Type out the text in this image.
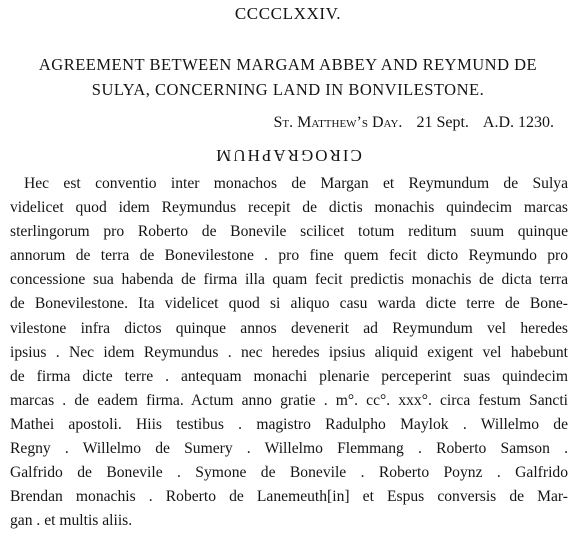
CCCCLXXIV.
AGREEMENT BETWEEN MARGAM ABBEY AND REYMUND DE
SULYA, CONCERNING LAND IN BONVILESTONE.
St. Matthew’s Day. 21 Sept. A.D. 1230.
CIROGRAPHUM
Hec est conventio inter monachos de Margan et Reymundum de Sulya
videlicet quod idem Reymundus recepit de dictis monachis quindecim marcas
sterlingorum pro Roberto de Bonevile scilicet totum reditum suum quinque
annorum de terra de Bonevilestone . pro fine quem fecit dicto Reymundo pro
concessione sua habenda de firma illa quam fecit predictis monachis de dicta terra
de Bonevilestone. Ita videlicet quod si aliquo casu warda dicte terre de Bone-
vilestone infra dictos quinque annos devenerit ad Reymundum vel heredes
ipsius . Nec idem Reymundus . nec heredes ipsius aliquid exigent vel habebunt
de firma dicte terre . antequam monachi plenarie perceperint suas quindecim
marcas . de eadem firma. Actum anno gratie . m°. cc°. xxx°. circa festum Sancti
Mathei apostoli. Hiis testibus . magistro Radulpho Maylok . Willelmo de
Regny . Willelmo de Sumery . Willelmo Flemmang . Roberto Samson .
Galfrido de Bonevile . Symone de Bonevile . Roberto Poynz . Galfrido
Brendan monachis . Roberto de Lanemeuth[in] et Espus conversis de Mar-
gan . et multis aliis.
